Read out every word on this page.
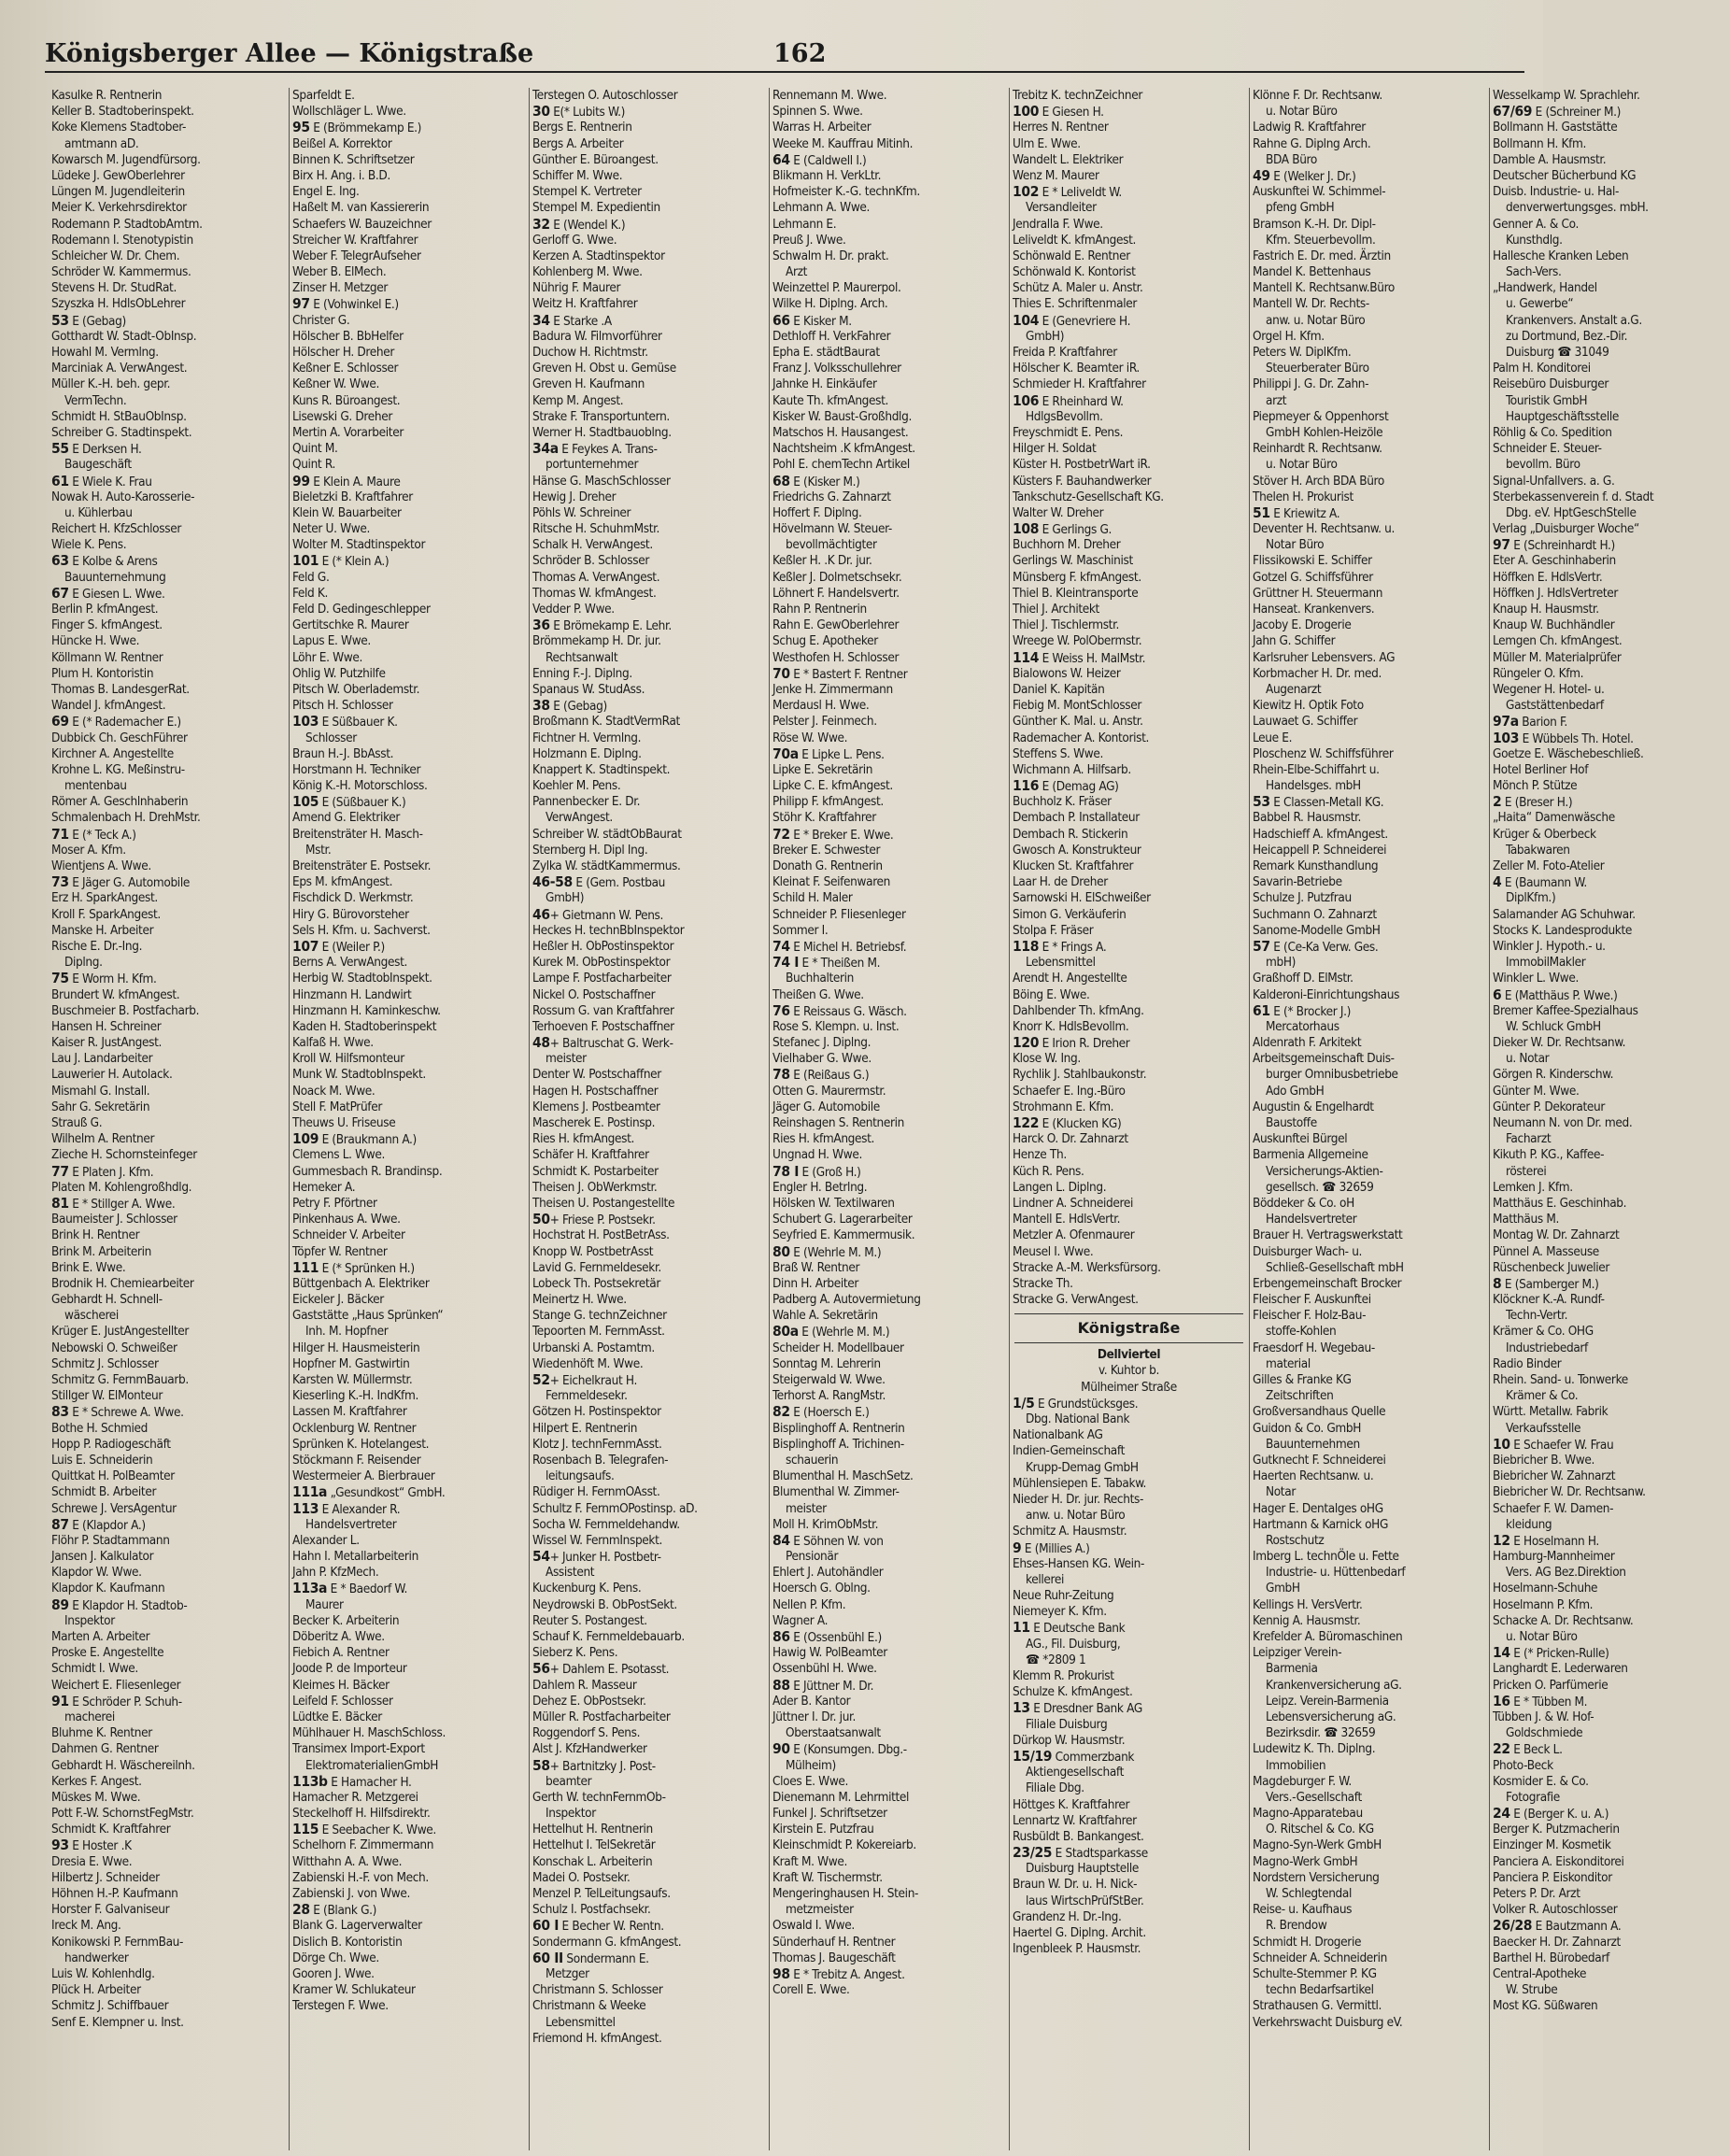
Königsberger Allee — Königstraße	162
Kasulke R. Rentnerin
Keller B. Stadtoberinspekt.
Koke Klemens Stadtober-
amtmann aD.
Kowarsch M. Jugendfürsorg.
Lüdeke J. GewOberlehrer
Lüngen M. Jugendleiterin
Meier K. Verkehrsdirektor
Rodemann P. StadtobAmtm.
Rodemann I. Stenotypistin
Schleicher W. Dr. Chem.
Schröder W. Kammermus.
Stevens H. Dr. StudRat.
Szyszka H. HdlsObLehrer
53 E (Gebag)
Gotthardt W. Stadt-ObInsp.
Howahl M. Vermlng.
Marciniak A. VerwAngest.
Müller K.-H. beh. gepr.
VermTechn.
Schmidt H. StBauObInsp.
Schreiber G. Stadtinspekt.
55 E Derksen H.
Baugeschäft
61 E Wiele K. Frau
Nowak H. Auto-Karosserie-
u. Kühlerbau
Reichert H. KfzSchlosser
Wiele K. Pens.
63 E Kolbe & Arens
Bauunternehmung
67 E Giesen L. Wwe.
Berlin P. kfmAngest.
Finger S. kfmAngest.
Hüncke H. Wwe.
Köllmann W. Rentner
Plum H. Kontoristin
Thomas B. LandesgerRat.
Wandel J. kfmAngest.
69 E (* Rademacher E.)
Dubbick Ch. GeschFührer
Kirchner A. Angestellte
Krohne L. KG. Meßinstru-
mentenbau
Römer A. Geschlnhaberin
Schmalenbach H. DrehMstr.
71 E (* Teck A.)
Moser A. Kfm.
Wientjens A. Wwe.
73 E Jäger G. Automobile
Erz H. SparkAngest.
Kroll F. SparkAngest.
Manske H. Arbeiter
Rische E. Dr.-Ing.
Diplng.
75 E Worm H. Kfm.
Brundert W. kfmAngest.
Buschmeier B. Postfacharb.
Hansen H. Schreiner
Kaiser R. JustAngest.
Lau J. Landarbeiter
Lauwerier H. Autolack.
Mismahl G. Install.
Sahr G. Sekretärin
Strauß G.
Wilhelm A. Rentner
Zieche H. Schornsteinfeger
77 E Platen J. Kfm.
Platen M. Kohlengroßhdlg.
81 E * Stillger A. Wwe.
Baumeister J. Schlosser
Brink H. Rentner
Brink M. Arbeiterin
Brink E. Wwe.
Brodnik H. Chemiearbeiter
Gebhardt H. Schnell-
wäscherei
Krüger E. JustAngestellter
Nebowski O. Schweißer
Schmitz J. Schlosser
Schmitz G. FernmBauarb.
Stillger W. ElMonteur
83 E * Schrewe A. Wwe.
Bothe H. Schmied
Hopp P. Radiogeschäft
Luis E. Schneiderin
Quittkat H. PolBeamter
Schmidt B. Arbeiter
Schrewe J. VersAgentur
87 E (Klapdor A.)
Flöhr P. Stadtammann
Jansen J. Kalkulator
Klapdor W. Wwe.
Klapdor K. Kaufmann
89 E Klapdor H. Stadtob-
Inspektor
Marten A. Arbeiter
Proske E. Angestellte
Schmidt I. Wwe.
Weichert E. Fliesenleger
91 E Schröder P. Schuh-
macherei
Bluhme K. Rentner
Dahmen G. Rentner
Gebhardt H. Wäschereilnh.
Kerkes F. Angest.
Müskes M. Wwe.
Pott F.-W. SchornstFegMstr.
Schmidt K. Kraftfahrer
93 E Hoster .K
Dresia E. Wwe.
Hilbertz J. Schneider
Höhnen H.-P. Kaufmann
Horster F. Galvaniseur
Ireck M. Ang.
Konikowski P. FernmBau-
handwerker
Luis W. Kohlenhdlg.
Plück H. Arbeiter
Schmitz J. Schiffbauer
Senf E. Klempner u. Inst.
Sparfeldt E.
Wollschläger L. Wwe.
95 E (Brömmekamp E.)
Beißel A. Korrektor
Binnen K. Schriftsetzer
Birx H. Ang. i. B.D.
Engel E. Ing.
Haßelt M. van Kassiererin
Schaefers W. Bauzeichner
Streicher W. Kraftfahrer
Weber F. TelegrAufseher
Weber B. ElMech.
Zinser H. Metzger
97 E (Vohwinkel E.)
Christer G.
Hölscher B. BbHelfer
Hölscher H. Dreher
Keßner E. Schlosser
Keßner W. Wwe.
Kuns R. Büroangest.
Lisewski G. Dreher
Mertin A. Vorarbeiter
Quint M.
Quint R.
99 E Klein A. Maure
Bieletzki B. Kraftfahrer
Klein W. Bauarbeiter
Neter U. Wwe.
Wolter M. Stadtinspektor
101 E (* Klein A.)
Feld G.
Feld K.
Feld D. Gedingeschlepper
Gertitschke R. Maurer
Lapus E. Wwe.
Löhr E. Wwe.
Ohlig W. Putzhilfe
Pitsch W. Oberlademstr.
Pitsch H. Schlosser
103 E Süßbauer K.
Schlosser
Braun H.-J. BbAsst.
Horstmann H. Techniker
König K.-H. Motorschloss.
105 E (Süßbauer K.)
Amend G. Elektriker
Breitensträter H. Masch-
Mstr.
Breitensträter E. Postsekr.
Eps M. kfmAngest.
Fischdick D. Werkmstr.
Hiry G. Bürovorsteher
Sels H. Kfm. u. Sachverst.
107 E (Weiler P.)
Berns A. VerwAngest.
Herbig W. StadtobInspekt.
Hinzmann H. Landwirt
Hinzmann H. Kaminkeschw.
Kaden H. Stadtoberinspekt
Kalfaß H. Wwe.
Kroll W. Hilfsmonteur
Munk W. StadtobInspekt.
Noack M. Wwe.
Stell F. MatPrüfer
Theuws U. Friseuse
109 E (Braukmann A.)
Clemens L. Wwe.
Gummesbach R. Brandinsp.
Hemeker A.
Petry F. Pförtner
Pinkenhaus A. Wwe.
Schneider V. Arbeiter
Töpfer W. Rentner
111 E (* Sprünken H.)
Büttgenbach A. Elektriker
Eickeler J. Bäcker
Gaststätte „Haus Sprünken“
Inh. M. Hopfner
Hilger H. Hausmeisterin
Hopfner M. Gastwirtin
Karsten W. Müllermstr.
Kieserling K.-H. IndKfm.
Lassen M. Kraftfahrer
Ocklenburg W. Rentner
Sprünken K. Hotelangest.
Stöckmann F. Reisender
Westermeier A. Bierbrauer
111a „Gesundkost“ GmbH.
113 E Alexander R.
Handelsvertreter
Alexander L.
Hahn I. Metallarbeiterin
Jahn P. KfzMech.
113a E * Baedorf W.
Maurer
Becker K. Arbeiterin
Döberitz A. Wwe.
Fiebich A. Rentner
Joode P. de Importeur
Kleimes H. Bäcker
Leifeld F. Schlosser
Lüdtke E. Bäcker
Mühlhauer H. MaschSchloss.
Transimex Import-Export
ElektromaterialienGmbH
113b E Hamacher H.
Hamacher R. Metzgerei
Steckelhoff H. Hilfsdirektr.
115 E Seebacher K. Wwe.
Schelhorn F. Zimmermann
Witthahn A. A. Wwe.
Zabienski H.-F. von Mech.
Zabienski J. von Wwe.
28 E (Blank G.)
Blank G. Lagerverwalter
Dislich B. Kontoristin
Dörge Ch. Wwe.
Gooren J. Wwe.
Kramer W. Schlukateur
Terstegen F. Wwe.
Terstegen O. Autoschlosser
30 E(* Lubits W.)
Bergs E. Rentnerin
Bergs A. Arbeiter
Günther E. Büroangest.
Schiffer M. Wwe.
Stempel K. Vertreter
Stempel M. Expedientin
32 E (Wendel K.)
Gerloff G. Wwe.
Kerzen A. Stadtinspektor
Kohlenberg M. Wwe.
Nührig F. Maurer
Weitz H. Kraftfahrer
34 E Starke .A
Badura W. Filmvorführer
Duchow H. Richtmstr.
Greven H. Obst u. Gemüse
Greven H. Kaufmann
Kemp M. Angest.
Strake F. Transportuntern.
Werner H. Stadtbauoblng.
34a E Feykes A. Trans-
portunternehmer
Hänse G. MaschSchlosser
Hewig J. Dreher
Pöhls W. Schreiner
Ritsche H. SchuhmMstr.
Schalk H. VerwAngest.
Schröder B. Schlosser
Thomas A. VerwAngest.
Thomas W. kfmAngest.
Vedder P. Wwe.
36 E Brömekamp E. Lehr.
Brömmekamp H. Dr. jur.
Rechtsanwalt
Enning F.-J. Diplng.
Spanaus W. StudAss.
38 E (Gebag)
Broßmann K. StadtVermRat
Fichtner H. Vermlng.
Holzmann E. Diplng.
Knappert K. Stadtinspekt.
Koehler M. Pens.
Pannenbecker E. Dr.
VerwAngest.
Schreiber W. städtObBaurat
Sternberg H. Dipl Ing.
Zylka W. städtKammermus.
46-58 E (Gem. Postbau
GmbH)
46+ Gietmann W. Pens.
Heckes H. technBbInspektor
Heßler H. ObPostinspektor
Kurek M. ObPostinspektor
Lampe F. Postfacharbeiter
Nickel O. Postschaffner
Rossum G. van Kraftfahrer
Terhoeven F. Postschaffner
48+ Baltruschat G. Werk-
meister
Denter W. Postschaffner
Hagen H. Postschaffner
Klemens J. Postbeamter
Mascherek E. Postinsp.
Ries H. kfmAngest.
Schäfer H. Kraftfahrer
Schmidt K. Postarbeiter
Theisen J. ObWerkmstr.
Theisen U. Postangestellte
50+ Friese P. Postsekr.
Hochstrat H. PostBetrAss.
Knopp W. PostbetrAsst
Lavid G. Fernmeldesekr.
Lobeck Th. Postsekretär
Meinertz H. Wwe.
Stange G. technZeichner
Tepoorten M. FernmAsst.
Urbanski A. Postamtm.
Wiedenhöft M. Wwe.
52+ Eichelkraut H.
Fernmeldesekr.
Götzen H. Postinspektor
Hilpert E. Rentnerin
Klotz J. technFernmAsst.
Rosenbach B. Telegrafen-
leitungsaufs.
Rüdiger H. FernmOAsst.
Schultz F. FernmOPostinsp. aD.
Socha W. Fernmeldehandw.
Wissel W. FernmInspekt.
54+ Junker H. Postbetr-
Assistent
Kuckenburg K. Pens.
Neydrowski B. ObPostSekt.
Reuter S. Postangest.
Schauf K. Fernmeldebauarb.
Sieberz K. Pens.
56+ Dahlem E. Psotasst.
Dahlem R. Masseur
Dehez E. ObPostsekr.
Müller R. Postfacharbeiter
Roggendorf S. Pens.
Alst J. KfzHandwerker
58+ Bartnitzky J. Post-
beamter
Gerth W. technFernmOb-
Inspektor
Hettelhut H. Rentnerin
Hettelhut I. TelSekretär
Konschak L. Arbeiterin
Madei O. Postsekr.
Menzel P. TelLeitungsaufs.
Schulz I. Postfachsekr.
60 I E Becher W. Rentn.
Sondermann G. kfmAngest.
60 II Sondermann E.
Metzger
Christmann S. Schlosser
Christmann & Weeke
Lebensmittel
Friemond H. kfmAngest.
Rennemann M. Wwe.
Spinnen S. Wwe.
Warras H. Arbeiter
Weeke M. Kauffrau Mitinh.
64 E (Caldwell I.)
Blikmann H. VerkLtr.
Hofmeister K.-G. technKfm.
Lehmann A. Wwe.
Lehmann E.
Preuß J. Wwe.
Schwalm H. Dr. prakt.
Arzt
Weinzettel P. Maurerpol.
Wilke H. Diplng. Arch.
66 E Kisker M.
Dethloff H. VerkFahrer
Epha E. städtBaurat
Franz J. Volksschullehrer
Jahnke H. Einkäufer
Kaute Th. kfmAngest.
Kisker W. Baust-Großhdlg.
Matschos H. Hausangest.
Nachtsheim .K kfmAngest.
Pohl E. chemTechn Artikel
68 E (Kisker M.)
Friedrichs G. Zahnarzt
Hoffert F. Diplng.
Hövelmann W. Steuer-
bevollmächtigter
Keßler H. .K Dr. jur.
Keßler J. Dolmetschsekr.
Löhnert F. Handelsvertr.
Rahn P. Rentnerin
Rahn E. GewOberlehrer
Schug E. Apotheker
Westhofen H. Schlosser
70 E * Bastert F. Rentner
Jenke H. Zimmermann
Merdausl H. Wwe.
Pelster J. Feinmech.
Röse W. Wwe.
70a E Lipke L. Pens.
Lipke E. Sekretärin
Lipke C. E. kfmAngest.
Philipp F. kfmAngest.
Stöhr K. Kraftfahrer
72 E * Breker E. Wwe.
Breker E. Schwester
Donath G. Rentnerin
Kleinat F. Seifenwaren
Schild H. Maler
Schneider P. Fliesenleger
Sommer I.
74 E Michel H. Betriebsf.
74 I E * Theißen M.
Buchhalterin
Theißen G. Wwe.
76 E Reissaus G. Wäsch.
Rose S. Klempn. u. Inst.
Stefanec J. Diplng.
Vielhaber G. Wwe.
78 E (Reißaus G.)
Otten G. Maurermstr.
Jäger G. Automobile
Reinshagen S. Rentnerin
Ries H. kfmAngest.
Ungnad H. Wwe.
78 I E (Groß H.)
Engler H. Betrlng.
Hölsken W. Textilwaren
Schubert G. Lagerarbeiter
Seyfried E. Kammermusik.
80 E (Wehrle M. M.)
Braß W. Rentner
Dinn H. Arbeiter
Padberg A. Autovermietung
Wahle A. Sekretärin
80a E (Wehrle M. M.)
Scheider H. Modellbauer
Sonntag M. Lehrerin
Steigerwald W. Wwe.
Terhorst A. RangMstr.
82 E (Hoersch E.)
Bisplinghoff A. Rentnerin
Bisplinghoff A. Trichinen-
schauerin
Blumenthal H. MaschSetz.
Blumenthal W. Zimmer-
meister
Moll H. KrimObMstr.
84 E Söhnen W. von
Pensionär
Ehlert J. Autohändler
Hoersch G. Oblng.
Nellen P. Kfm.
Wagner A.
86 E (Ossenbühl E.)
Hawig W. PolBeamter
Ossenbühl H. Wwe.
88 E Jüttner M. Dr.
Ader B. Kantor
Jüttner I. Dr. jur.
Oberstaatsanwalt
90 E (Konsumgen. Dbg.-
Mülheim)
Cloes E. Wwe.
Dienemann M. Lehrmittel
Funkel J. Schriftsetzer
Kirstein E. Putzfrau
Kleinschmidt P. Kokereiarb.
Kraft M. Wwe.
Kraft W. Tischermstr.
Mengeringhausen H. Stein-
metzmeister
Oswald I. Wwe.
Sünderhauf H. Rentner
Thomas J. Baugeschäft
98 E * Trebitz A. Angest.
Corell E. Wwe.
Trebitz K. technZeichner
100 E Giesen H.
Herres N. Rentner
Ulm E. Wwe.
Wandelt L. Elektriker
Wenz M. Maurer
102 E * Leliveldt W.
Versandleiter
Jendralla F. Wwe.
Leliveldt K. kfmAngest.
Schönwald E. Rentner
Schönwald K. Kontorist
Schütz A. Maler u. Anstr.
Thies E. Schriftenmaler
104 E (Genevriere H.
GmbH)
Freida P. Kraftfahrer
Hölscher K. Beamter iR.
Schmieder H. Kraftfahrer
106 E Rheinhard W.
HdlgsBevollm.
Freyschmidt E. Pens.
Hilger H. Soldat
Küster H. PostbetrWart iR.
Küsters F. Bauhandwerker
Tankschutz-Gesellschaft KG.
Walter W. Dreher
108 E Gerlings G.
Buchhorn M. Dreher
Gerlings W. Maschinist
Münsberg F. kfmAngest.
Thiel B. Kleintransporte
Thiel J. Architekt
Thiel J. Tischlermstr.
Wreege W. PolObermstr.
114 E Weiss H. MalMstr.
Bialowons W. Heizer
Daniel K. Kapitän
Fiebig M. MontSchlosser
Günther K. Mal. u. Anstr.
Rademacher A. Kontorist.
Steffens S. Wwe.
Wichmann A. Hilfsarb.
116 E (Demag AG)
Buchholz K. Fräser
Dembach P. Installateur
Dembach R. Stickerin
Gwosch A. Konstrukteur
Klucken St. Kraftfahrer
Laar H. de Dreher
Sarnowski H. ElSchweißer
Simon G. Verkäuferin
Stolpa F. Fräser
118 E * Frings A.
Lebensmittel
Arendt H. Angestellte
Böing E. Wwe.
Dahlbender Th. kfmAng.
Knorr K. HdlsBevollm.
120 E Irion R. Dreher
Klose W. Ing.
Rychlik J. Stahlbaukonstr.
Schaefer E. Ing.-Büro
Strohmann E. Kfm.
122 E (Klucken KG)
Harck O. Dr. Zahnarzt
Henze Th.
Küch R. Pens.
Langen L. Diplng.
Lindner A. Schneiderei
Mantell E. HdlsVertr.
Metzler A. Ofenmaurer
Meusel I. Wwe.
Stracke A.-M. Werksfürsorg.
Stracke Th.
Stracke G. VerwAngest.
Königstraße
Dellviertel
v. Kuhtor b.
Mülheimer Straße
1/5 E Grundstücksges.
Dbg. National Bank
Nationalbank AG
Indien-Gemeinschaft
Krupp-Demag GmbH
Mühlensiepen E. Tabakw.
Nieder H. Dr. jur. Rechts-
anw. u. Notar Büro
Schmitz A. Hausmstr.
9 E (Millies A.)
Ehses-Hansen KG. Wein-
kellerei
Neue Ruhr-Zeitung
Niemeyer K. Kfm.
11 E Deutsche Bank
AG., Fil. Duisburg,
☎ *2809 1
Klemm R. Prokurist
Schulze K. kfmAngest.
13 E Dresdner Bank AG
Filiale Duisburg
Dürkop W. Hausmstr.
15/19 Commerzbank
Aktiengesellschaft
Filiale Dbg.
Höttges K. Kraftfahrer
Lennartz W. Kraftfahrer
Rusbüldt B. Bankangest.
23/25 E Stadtsparkasse
Duisburg Hauptstelle
Braun W. Dr. u. H. Nick-
laus WirtschPrüfStBer.
Grandenz H. Dr.-Ing.
Haertel G. Diplng. Archit.
Ingenbleek P. Hausmstr.
Klönne F. Dr. Rechtsanw.
u. Notar Büro
Ladwig R. Kraftfahrer
Rahne G. Diplng Arch.
BDA Büro
49 E (Welker J. Dr.)
Auskunftei W. Schimmel-
pfeng GmbH
Bramson K.-H. Dr. Dipl-
Kfm. Steuerbevollm.
Fastrich E. Dr. med. Ärztin
Mandel K. Bettenhaus
Mantell K. Rechtsanw.Büro
Mantell W. Dr. Rechts-
anw. u. Notar Büro
Orgel H. Kfm.
Peters W. DiplKfm.
Steuerberater Büro
Philippi J. G. Dr. Zahn-
arzt
Piepmeyer & Oppenhorst
GmbH Kohlen-Heizöle
Reinhardt R. Rechtsanw.
u. Notar Büro
Stöver H. Arch BDA Büro
Thelen H. Prokurist
51 E Kriewitz A.
Deventer H. Rechtsanw. u.
Notar Büro
Flissikowski E. Schiffer
Gotzel G. Schiffsführer
Grüttner H. Steuermann
Hanseat. Krankenvers.
Jacoby E. Drogerie
Jahn G. Schiffer
Karlsruher Lebensvers. AG
Korbmacher H. Dr. med.
Augenarzt
Kiewitz H. Optik Foto
Lauwaet G. Schiffer
Leue E.
Ploschenz W. Schiffsführer
Rhein-Elbe-Schiffahrt u.
Handelsges. mbH
53 E Classen-Metall KG.
Babbel R. Hausmstr.
Hadschieff A. kfmAngest.
Heicappell P. Schneiderei
Remark Kunsthandlung
Savarin-Betriebe
Schulze J. Putzfrau
Suchmann O. Zahnarzt
Sanome-Modelle GmbH
57 E (Ce-Ka Verw. Ges.
mbH)
Graßhoff D. ElMstr.
Kalderoni-Einrichtungshaus
61 E (* Brocker J.)
Mercatorhaus
Aldenrath F. Arkitekt
Arbeitsgemeinschaft Duis-
burger Omnibusbetriebe
Ado GmbH
Augustin & Engelhardt
Baustoffe
Auskunftei Bürgel
Barmenia Allgemeine
Versicherungs-Aktien-
gesellsch. ☎ 32659
Böddeker & Co. oH
Handelsvertreter
Brauer H. Vertragswerkstatt
Duisburger Wach- u.
Schließ-Gesellschaft mbH
Erbengemeinschaft Brocker
Fleischer F. Auskunftei
Fleischer F. Holz-Bau-
stoffe-Kohlen
Fraesdorf H. Wegebau-
material
Gilles & Franke KG
Zeitschriften
Großversandhaus Quelle
Guidon & Co. GmbH
Bauunternehmen
Gutknecht F. Schneiderei
Haerten Rechtsanw. u.
Notar
Hager E. Dentalges oHG
Hartmann & Karnick oHG
Rostschutz
Imberg L. technÖle u. Fette
Industrie- u. Hüttenbedarf
GmbH
Kellings H. VersVertr.
Kennig A. Hausmstr.
Krefelder A. Büromaschinen
Leipziger Verein-
Barmenia
Krankenversicherung aG.
Leipz. Verein-Barmenia
Lebensversicherung aG.
Bezirksdir. ☎ 32659
Ludewitz K. Th. Diplng.
Immobilien
Magdeburger F. W.
Vers.-Gesellschaft
Magno-Apparatebau
O. Ritschel & Co. KG
Magno-Syn-Werk GmbH
Magno-Werk GmbH
Nordstern Versicherung
W. Schlegtendal
Reise- u. Kaufhaus
R. Brendow
Schmidt H. Drogerie
Schneider A. Schneiderin
Schulte-Stemmer P. KG
techn Bedarfsartikel
Strathausen G. Vermittl.
Verkehrswacht Duisburg eV.
Wesselkamp W. Sprachlehr.
67/69 E (Schreiner M.)
Bollmann H. Gaststätte
Bollmann H. Kfm.
Damble A. Hausmstr.
Deutscher Bücherbund KG
Duisb. Industrie- u. Hal-
denverwertungsges. mbH.
Genner A. & Co.
Kunsthdlg.
Hallesche Kranken Leben
Sach-Vers.
„Handwerk, Handel
u. Gewerbe“
Krankenvers. Anstalt a.G.
zu Dortmund, Bez.-Dir.
Duisburg ☎ 31049
Palm H. Konditorei
Reisebüro Duisburger
Touristik GmbH
Hauptgeschäftsstelle
Röhlig & Co. Spedition
Schneider E. Steuer-
bevollm. Büro
Signal-Unfallvers. a. G.
Sterbekassenverein f. d. Stadt
Dbg. eV. HptGeschStelle
Verlag „Duisburger Woche“
97 E (Schreinhardt H.)
Eter A. Geschinhaberin
Höffken E. HdlsVertr.
Höffken J. HdlsVertreter
Knaup H. Hausmstr.
Knaup W. Buchhändler
Lemgen Ch. kfmAngest.
Müller M. Materialprüfer
Rüngeler O. Kfm.
Wegener H. Hotel- u.
Gaststättenbedarf
97a Barion F.
103 E Wübbels Th. Hotel.
Goetze E. Wäschebeschließ.
Hotel Berliner Hof
Mönch P. Stütze
2 E (Breser H.)
„Haita“ Damenwäsche
Krüger & Oberbeck
Tabakwaren
Zeller M. Foto-Atelier
4 E (Baumann W.
DiplKfm.)
Salamander AG Schuhwar.
Stocks K. Landesprodukte
Winkler J. Hypoth.- u.
ImmobilMakler
Winkler L. Wwe.
6 E (Matthäus P. Wwe.)
Bremer Kaffee-Spezialhaus
W. Schluck GmbH
Dieker W. Dr. Rechtsanw.
u. Notar
Görgen R. Kinderschw.
Günter M. Wwe.
Günter P. Dekorateur
Neumann N. von Dr. med.
Facharzt
Kikuth P. KG., Kaffee-
rösterei
Lemken J. Kfm.
Matthäus E. Geschinhab.
Matthäus M.
Montag W. Dr. Zahnarzt
Pünnel A. Masseuse
Rüschenbeck Juwelier
8 E (Samberger M.)
Klöckner K.-A. Rundf-
Techn-Vertr.
Krämer & Co. OHG
Industriebedarf
Radio Binder
Rhein. Sand- u. Tonwerke
Krämer & Co.
Württ. Metallw. Fabrik
Verkaufsstelle
10 E Schaefer W. Frau
Biebricher B. Wwe.
Biebricher W. Zahnarzt
Biebricher W. Dr. Rechtsanw.
Schaefer F. W. Damen-
kleidung
12 E Hoselmann H.
Hamburg-Mannheimer
Vers. AG Bez.Direktion
Hoselmann-Schuhe
Hoselmann P. Kfm.
Schacke A. Dr. Rechtsanw.
u. Notar Büro
14 E (* Pricken-Rulle)
Langhardt E. Lederwaren
Pricken O. Parfümerie
16 E * Tübben M.
Tübben J. & W. Hof-
Goldschmiede
22 E Beck L.
Photo-Beck
Kosmider E. & Co.
Fotografie
24 E (Berger K. u. A.)
Berger K. Putzmacherin
Einzinger M. Kosmetik
Panciera A. Eiskonditorei
Panciera P. Eiskonditor
Peters P. Dr. Arzt
Volker R. Autoschlosser
26/28 E Bautzmann A.
Baecker H. Dr. Zahnarzt
Barthel H. Bürobedarf
Central-Apotheke
W. Strube
Most KG. Süßwaren
